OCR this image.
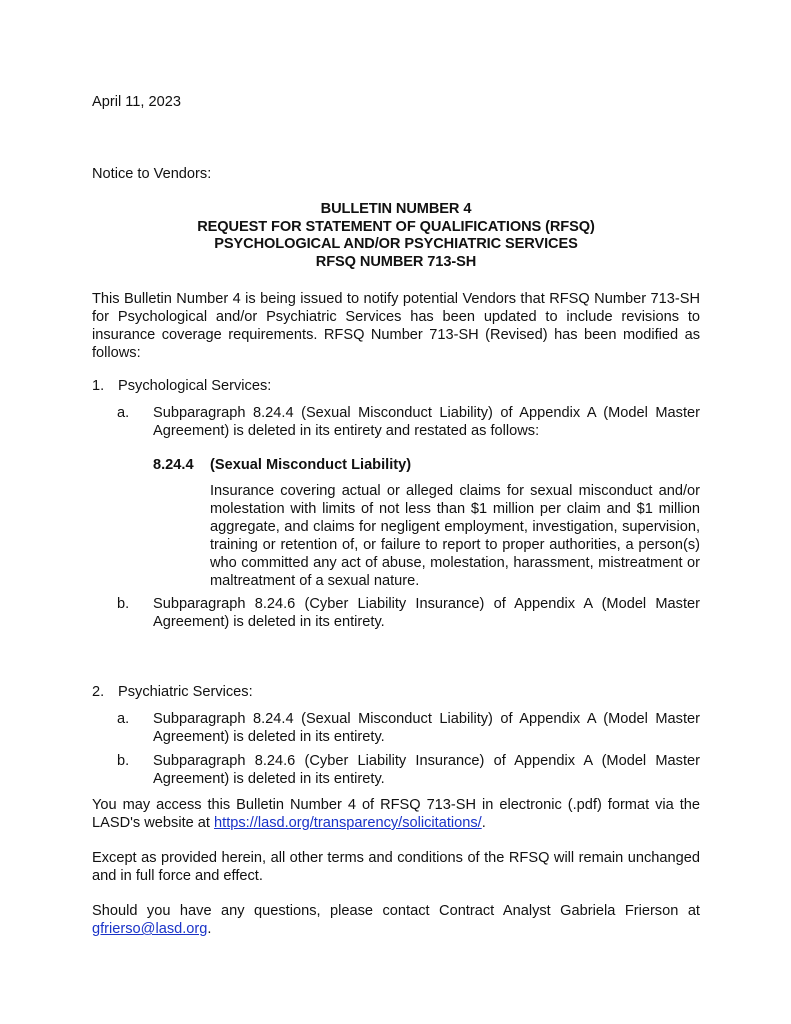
April 11, 2023
Notice to Vendors:
BULLETIN NUMBER 4
REQUEST FOR STATEMENT OF QUALIFICATIONS (RFSQ)
PSYCHOLOGICAL AND/OR PSYCHIATRIC SERVICES
RFSQ NUMBER 713-SH
This Bulletin Number 4 is being issued to notify potential Vendors that RFSQ Number 713-SH for Psychological and/or Psychiatric Services has been updated to include revisions to insurance coverage requirements. RFSQ Number 713-SH (Revised) has been modified as follows:
1. Psychological Services:
a.	Subparagraph 8.24.4 (Sexual Misconduct Liability) of Appendix A (Model Master Agreement) is deleted in its entirety and restated as follows:
8.24.4	(Sexual Misconduct Liability)
Insurance covering actual or alleged claims for sexual misconduct and/or molestation with limits of not less than $1 million per claim and $1 million aggregate, and claims for negligent employment, investigation, supervision, training or retention of, or failure to report to proper authorities, a person(s) who committed any act of abuse, molestation, harassment, mistreatment or maltreatment of a sexual nature.
b.	Subparagraph 8.24.6 (Cyber Liability Insurance) of Appendix A (Model Master Agreement) is deleted in its entirety.
2. Psychiatric Services:
a.	Subparagraph 8.24.4 (Sexual Misconduct Liability) of Appendix A (Model Master Agreement) is deleted in its entirety.
b.	Subparagraph 8.24.6 (Cyber Liability Insurance) of Appendix A (Model Master Agreement) is deleted in its entirety.
You may access this Bulletin Number 4 of RFSQ 713-SH in electronic (.pdf) format via the LASD's website at https://lasd.org/transparency/solicitations/.
Except as provided herein, all other terms and conditions of the RFSQ will remain unchanged and in full force and effect.
Should you have any questions, please contact Contract Analyst Gabriela Frierson at gfrierso@lasd.org.
